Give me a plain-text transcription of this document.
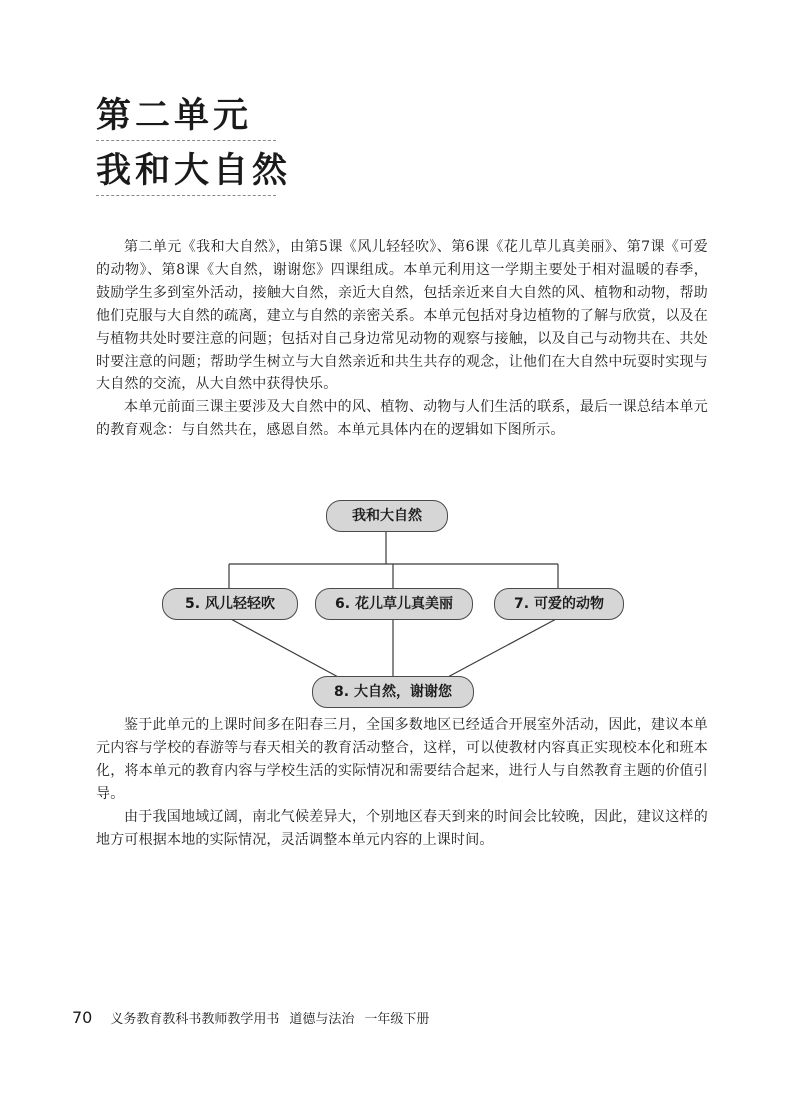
第二单元
我和大自然

第二单元《我和大自然》，由第5课《风儿轻轻吹》、第6课《花儿草儿真美丽》、第7课《可爱的动物》、第8课《大自然，谢谢您》四课组成。本单元利用这一学期主要处于相对温暖的春季，鼓励学生多到室外活动，接触大自然，亲近大自然，包括亲近来自大自然的风、植物和动物，帮助他们克服与大自然的疏离，建立与自然的亲密关系。本单元包括对身边植物的了解与欣赏，以及在与植物共处时要注意的问题；包括对自己身边常见动物的观察与接触，以及自己与动物共在、共处时要注意的问题；帮助学生树立与大自然亲近和共生共存的观念，让他们在大自然中玩耍时实现与大自然的交流，从大自然中获得快乐。

本单元前面三课主要涉及大自然中的风、植物、动物与人们生活的联系，最后一课总结本单元的教育观念：与自然共在，感恩自然。本单元具体内在的逻辑如下图所示。

我和大自然
5. 风儿轻轻吹	6. 花儿草儿真美丽	7. 可爱的动物
8. 大自然，谢谢您

鉴于此单元的上课时间多在阳春三月，全国多数地区已经适合开展室外活动，因此，建议本单元内容与学校的春游等与春天相关的教育活动整合，这样，可以使教材内容真正实现校本化和班本化，将本单元的教育内容与学校生活的实际情况和需要结合起来，进行人与自然教育主题的价值引导。

由于我国地域辽阔，南北气候差异大，个别地区春天到来的时间会比较晚，因此，建议这样的地方可根据本地的实际情况，灵活调整本单元内容的上课时间。

70 义务教育教科书教师教学用书 道德与法治 一年级下册
